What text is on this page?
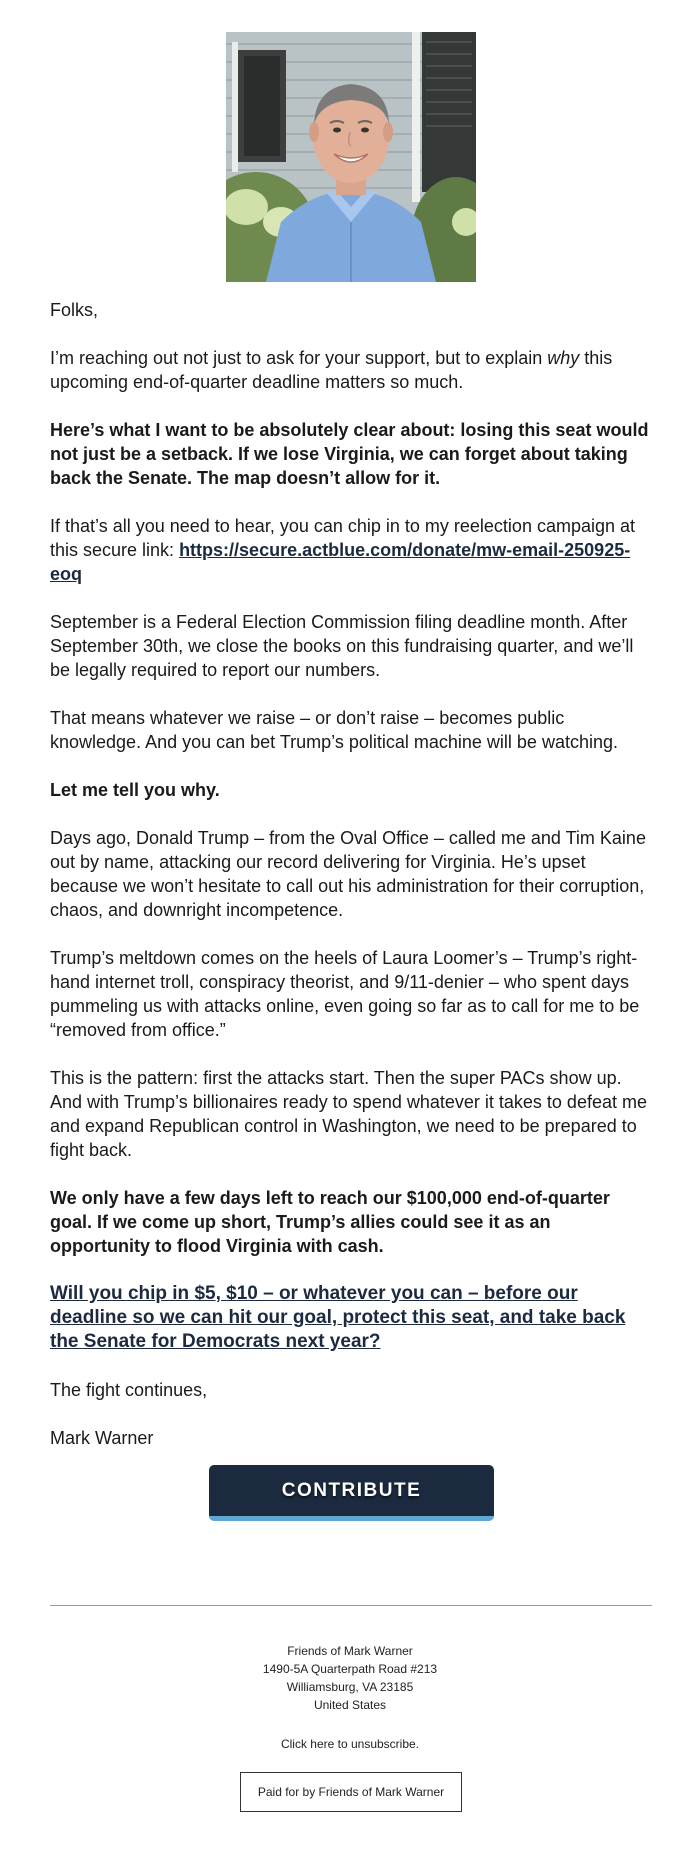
Folks,

I’m reaching out not just to ask for your support, but to explain why this upcoming end-of-quarter deadline matters so much.

Here’s what I want to be absolutely clear about: losing this seat would not just be a setback. If we lose Virginia, we can forget about taking back the Senate. The map doesn’t allow for it.

If that’s all you need to hear, you can chip in to my reelection campaign at this secure link: https://secure.actblue.com/donate/mw-email-250925-eoq

September is a Federal Election Commission filing deadline month. After September 30th, we close the books on this fundraising quarter, and we’ll be legally required to report our numbers.

That means whatever we raise – or don’t raise – becomes public knowledge. And you can bet Trump’s political machine will be watching.

Let me tell you why.

Days ago, Donald Trump – from the Oval Office – called me and Tim Kaine out by name, attacking our record delivering for Virginia. He’s upset because we won’t hesitate to call out his administration for their corruption, chaos, and downright incompetence.

Trump’s meltdown comes on the heels of Laura Loomer’s – Trump’s right-hand internet troll, conspiracy theorist, and 9/11-denier – who spent days pummeling us with attacks online, even going so far as to call for me to be “removed from office.”

This is the pattern: first the attacks start. Then the super PACs show up. And with Trump’s billionaires ready to spend whatever it takes to defeat me and expand Republican control in Washington, we need to be prepared to fight back.

We only have a few days left to reach our $100,000 end-of-quarter goal. If we come up short, Trump’s allies could see it as an opportunity to flood Virginia with cash.

Will you chip in $5, $10 – or whatever you can – before our deadline so we can hit our goal, protect this seat, and take back the Senate for Democrats next year?

The fight continues,

Mark Warner

CONTRIBUTE
Friends of Mark Warner
1490-5A Quarterpath Road #213
Williamsburg, VA 23185
United States
Click here to unsubscribe.
Paid for by Friends of Mark Warner
